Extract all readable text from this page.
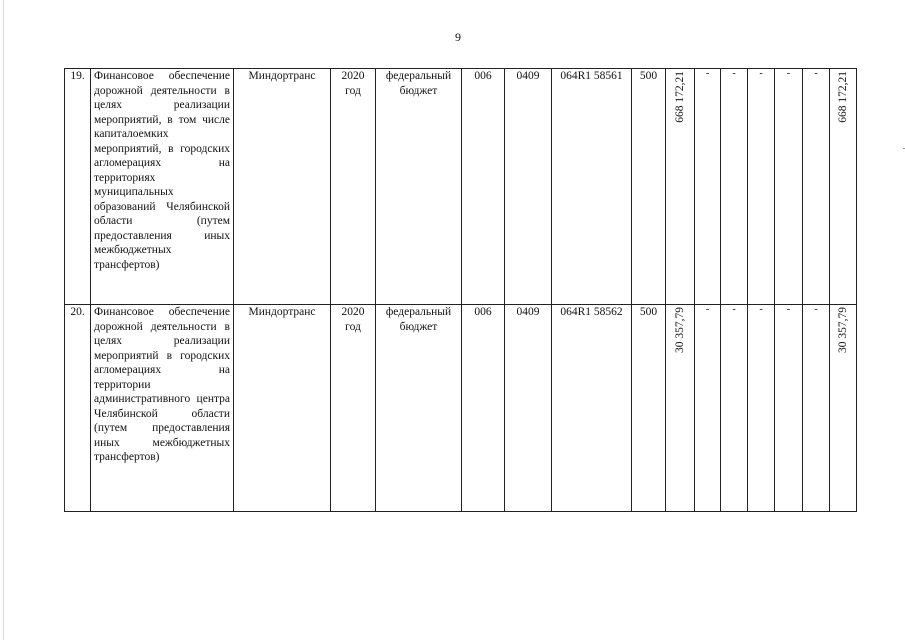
9
19.	Финансовое обеспечение дорожной деятельности в целях реализации мероприятий, в том числе капиталоемких мероприятий, в городских агломерациях на территориях муниципальных образований Челябинской области (путем предоставления иных межбюджетных трансфертов)	Миндортранс	2020 год	федеральный бюджет	006	0409	064R1 58561	500	668 172,21	-	-	-	-	-	668 172,21
20.	Финансовое обеспечение дорожной деятельности в целях реализации мероприятий в городских агломерациях на территории административного центра Челябинской области (путем предоставления иных межбюджетных трансфертов)	Миндортранс	2020 год	федеральный бюджет	006	0409	064R1 58562	500	30 357,79	-	-	-	-	-	30 357,79
